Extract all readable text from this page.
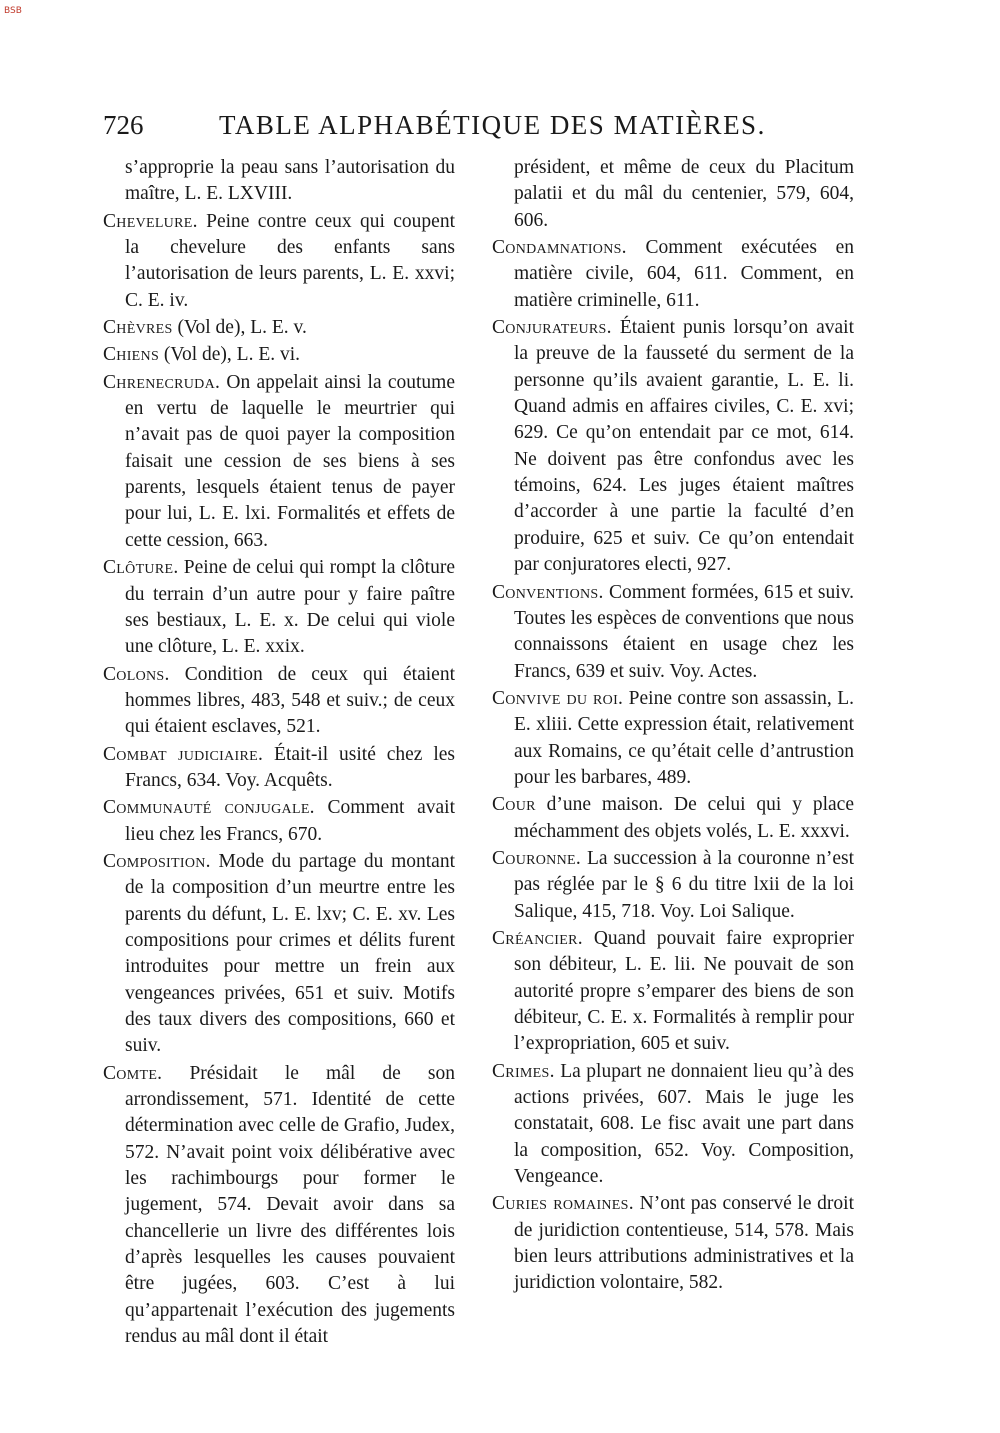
BSB
726	TABLE ALPHABÉTIQUE DES MATIÈRES.

s’approprie la peau sans l’autorisation du maître, L. E. LXVIII.

Chevelure. Peine contre ceux qui coupent la chevelure des enfants sans l’autorisation de leurs parents, L. E. xxvi; C. E. iv.

Chèvres (Vol de), L. E. v.

Chiens (Vol de), L. E. vi.

Chrenecruda. On appelait ainsi la coutume en vertu de laquelle le meurtrier qui n’avait pas de quoi payer la composition faisait une cession de ses biens à ses parents, lesquels étaient tenus de payer pour lui, L. E. lxi. Formalités et effets de cette cession, 663.

Clôture. Peine de celui qui rompt la clôture du terrain d’un autre pour y faire paître ses bestiaux, L. E. x. De celui qui viole une clôture, L. E. xxix.

Colons. Condition de ceux qui étaient hommes libres, 483, 548 et suiv.; de ceux qui étaient esclaves, 521.

Combat judiciaire. Était-il usité chez les Francs, 634. Voy. Acquêts.

Communauté conjugale. Comment avait lieu chez les Francs, 670.

Composition. Mode du partage du montant de la composition d’un meurtre entre les parents du défunt, L. E. lxv; C. E. xv. Les compositions pour crimes et délits furent introduites pour mettre un frein aux vengeances privées, 651 et suiv. Motifs des taux divers des compositions, 660 et suiv.

Comte. Présidait le mâl de son arrondissement, 571. Identité de cette détermination avec celle de Grafio, Judex, 572. N’avait point voix délibérative avec les rachimbourgs pour former le jugement, 574. Devait avoir dans sa chancellerie un livre des différentes lois d’après lesquelles les causes pouvaient être jugées, 603. C’est à lui qu’appartenait l’exécution des jugements rendus au mâl dont il était

président, et même de ceux du Placitum palatii et du mâl du centenier, 579, 604, 606.

Condamnations. Comment exécutées en matière civile, 604, 611. Comment, en matière criminelle, 611.

Conjurateurs. Étaient punis lorsqu’on avait la preuve de la fausseté du serment de la personne qu’ils avaient garantie, L. E. li. Quand admis en affaires civiles, C. E. xvi; 629. Ce qu’on entendait par ce mot, 614. Ne doivent pas être confondus avec les témoins, 624. Les juges étaient maîtres d’accorder à une partie la faculté d’en produire, 625 et suiv. Ce qu’on entendait par conjuratores electi, 927.

Conventions. Comment formées, 615 et suiv. Toutes les espèces de conventions que nous connaissons étaient en usage chez les Francs, 639 et suiv. Voy. Actes.

Convive du roi. Peine contre son assassin, L. E. xliii. Cette expression était, relativement aux Romains, ce qu’était celle d’antrustion pour les barbares, 489.

Cour d’une maison. De celui qui y place méchamment des objets volés, L. E. xxxvi.

Couronne. La succession à la couronne n’est pas réglée par le § 6 du titre lxii de la loi Salique, 415, 718. Voy. Loi Salique.

Créancier. Quand pouvait faire exproprier son débiteur, L. E. lii. Ne pouvait de son autorité propre s’emparer des biens de son débiteur, C. E. x. Formalités à remplir pour l’expropriation, 605 et suiv.

Crimes. La plupart ne donnaient lieu qu’à des actions privées, 607. Mais le juge les constatait, 608. Le fisc avait une part dans la composition, 652. Voy. Composition, Vengeance.

Curies romaines. N’ont pas conservé le droit de juridiction contentieuse, 514, 578. Mais bien leurs attributions administratives et la juridiction volontaire, 582.
